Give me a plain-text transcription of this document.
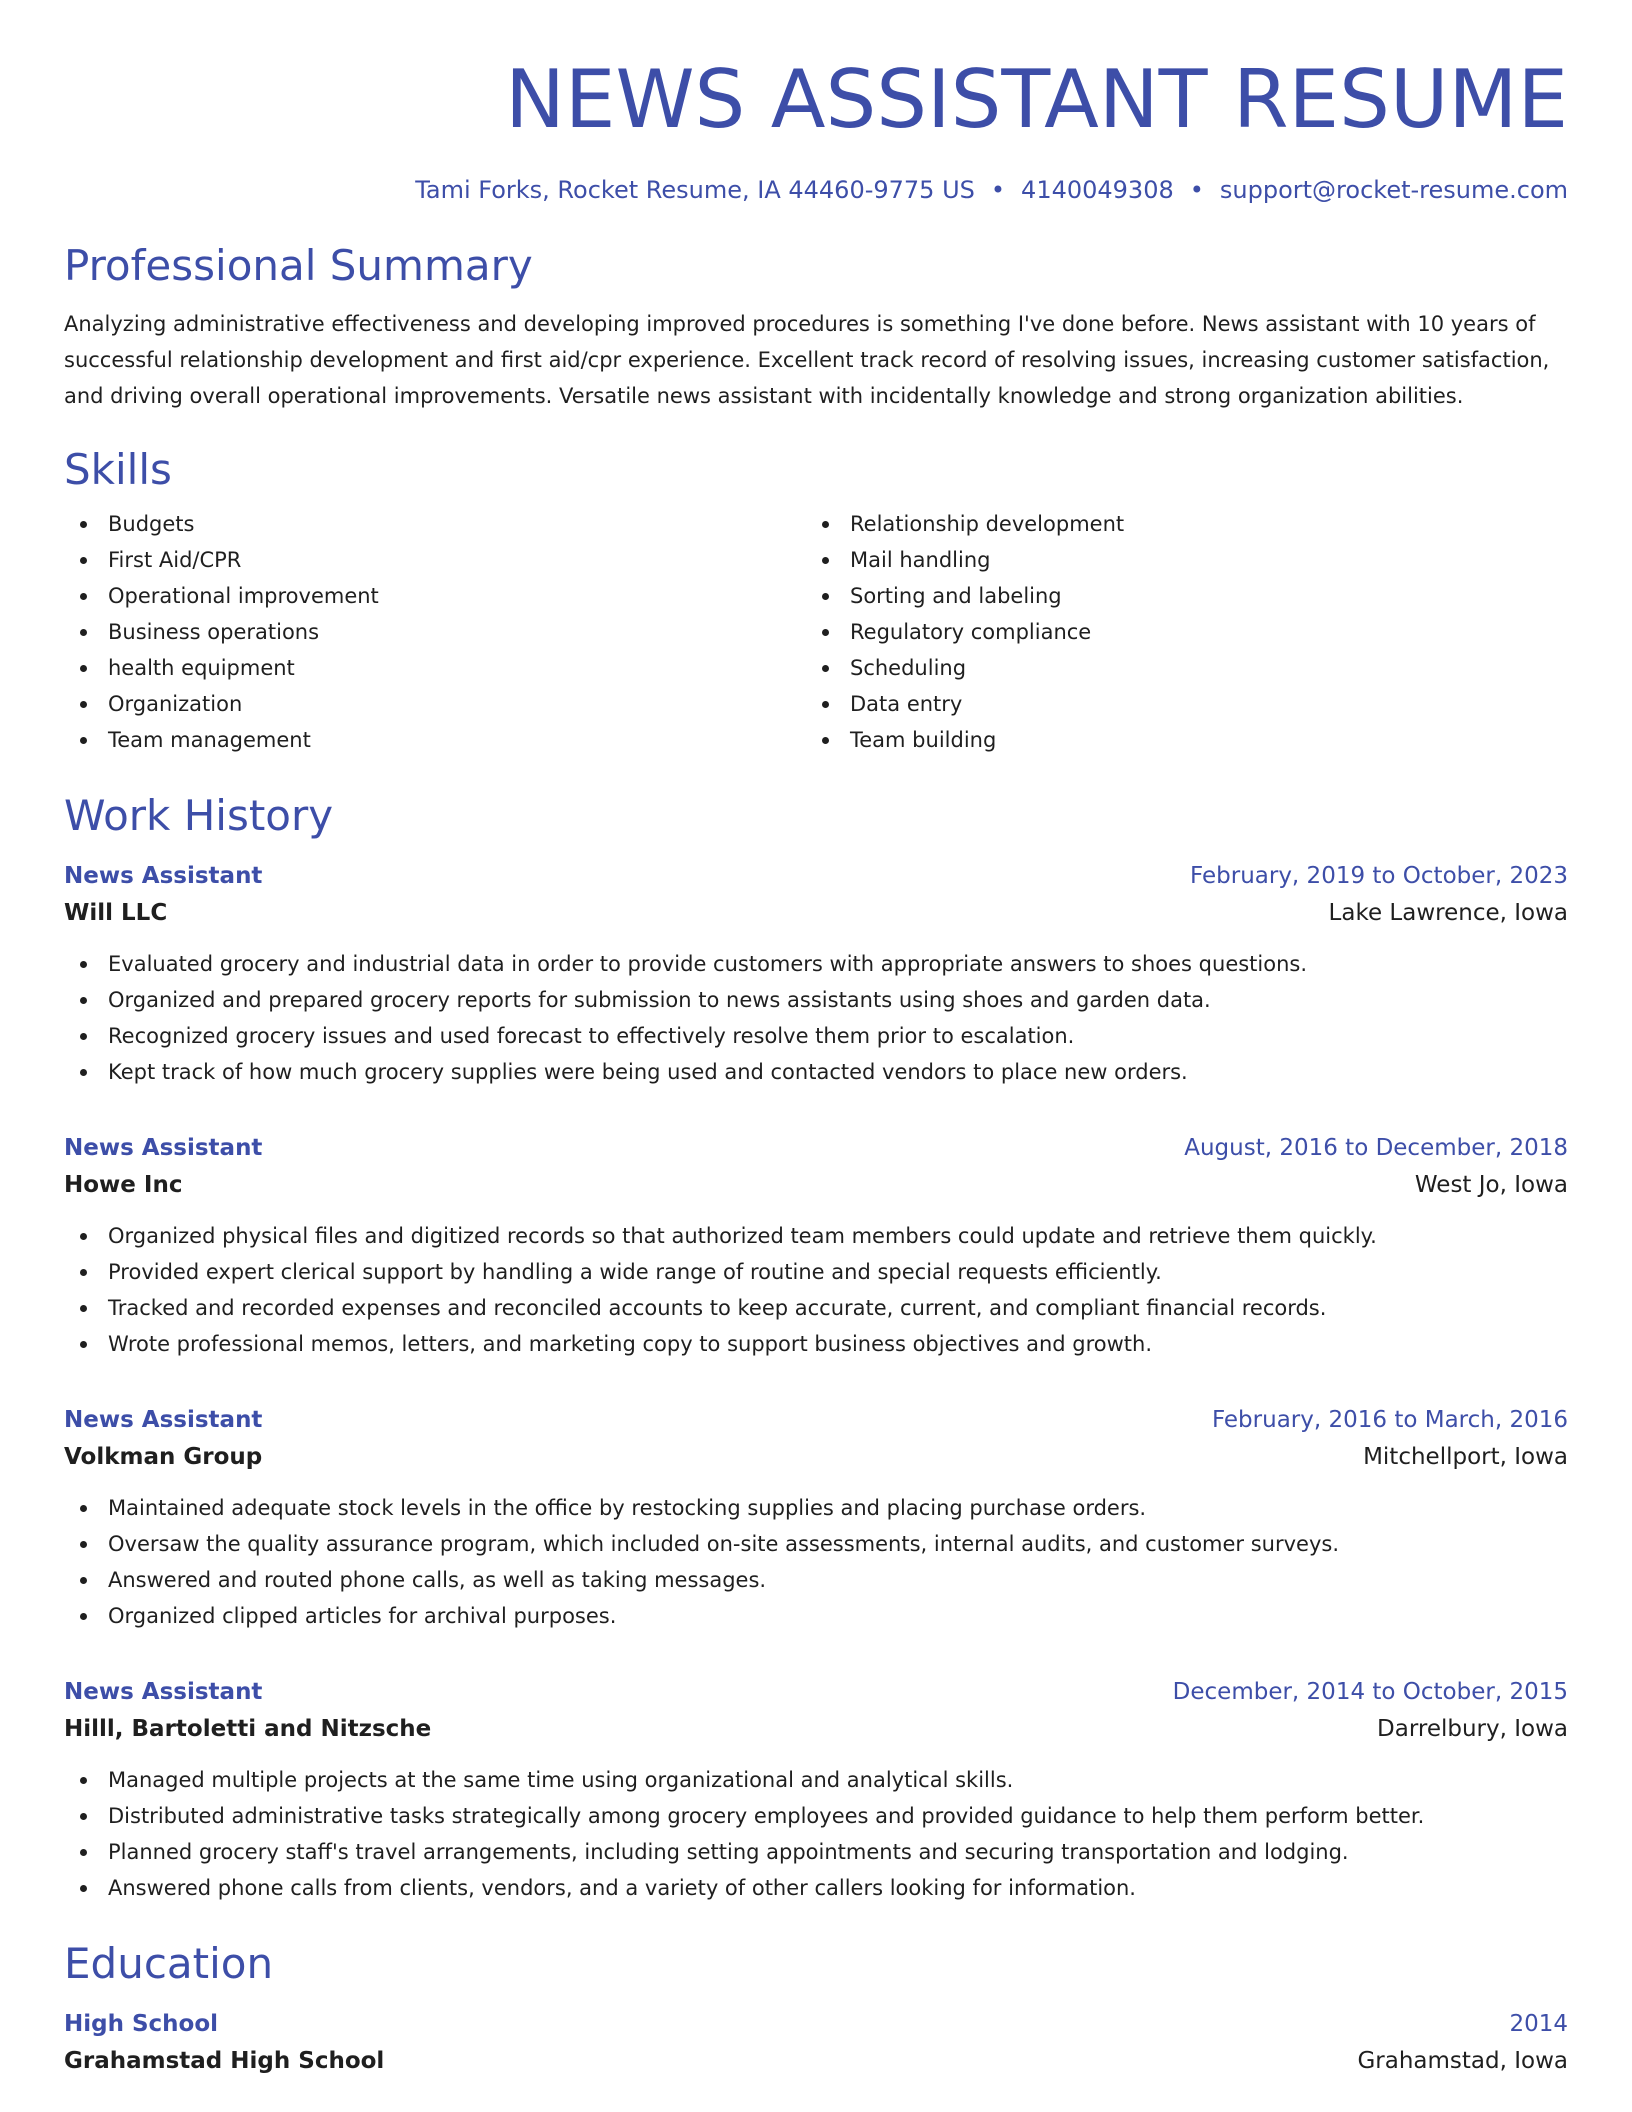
NEWS ASSISTANT RESUME
Tami Forks, Rocket Resume, IA 44460-9775 US • 4140049308 • support@rocket-resume.com
Professional Summary

Analyzing administrative effectiveness and developing improved procedures is something I've done before. News assistant with 10 years of successful relationship development and first aid/cpr experience. Excellent track record of resolving issues, increasing customer satisfaction, and driving overall operational improvements. Versatile news assistant with incidentally knowledge and strong organization abilities.

Skills
Budgets
First Aid/CPR
Operational improvement
Business operations
health equipment
Organization
Team management
Relationship development
Mail handling
Sorting and labeling
Regulatory compliance
Scheduling
Data entry
Team building
Work History
News Assistant	February, 2019 to October, 2023
Will LLC	Lake Lawrence, Iowa
Evaluated grocery and industrial data in order to provide customers with appropriate answers to shoes questions.
Organized and prepared grocery reports for submission to news assistants using shoes and garden data.
Recognized grocery issues and used forecast to effectively resolve them prior to escalation.
Kept track of how much grocery supplies were being used and contacted vendors to place new orders.
News Assistant	August, 2016 to December, 2018
Howe Inc	West Jo, Iowa
Organized physical files and digitized records so that authorized team members could update and retrieve them quickly.
Provided expert clerical support by handling a wide range of routine and special requests efficiently.
Tracked and recorded expenses and reconciled accounts to keep accurate, current, and compliant financial records.
Wrote professional memos, letters, and marketing copy to support business objectives and growth.
News Assistant	February, 2016 to March, 2016
Volkman Group	Mitchellport, Iowa
Maintained adequate stock levels in the office by restocking supplies and placing purchase orders.
Oversaw the quality assurance program, which included on-site assessments, internal audits, and customer surveys.
Answered and routed phone calls, as well as taking messages.
Organized clipped articles for archival purposes.
News Assistant	December, 2014 to October, 2015
Hilll, Bartoletti and Nitzsche	Darrelbury, Iowa
Managed multiple projects at the same time using organizational and analytical skills.
Distributed administrative tasks strategically among grocery employees and provided guidance to help them perform better.
Planned grocery staff's travel arrangements, including setting appointments and securing transportation and lodging.
Answered phone calls from clients, vendors, and a variety of other callers looking for information.
Education
High School	2014
Grahamstad High School	Grahamstad, Iowa
